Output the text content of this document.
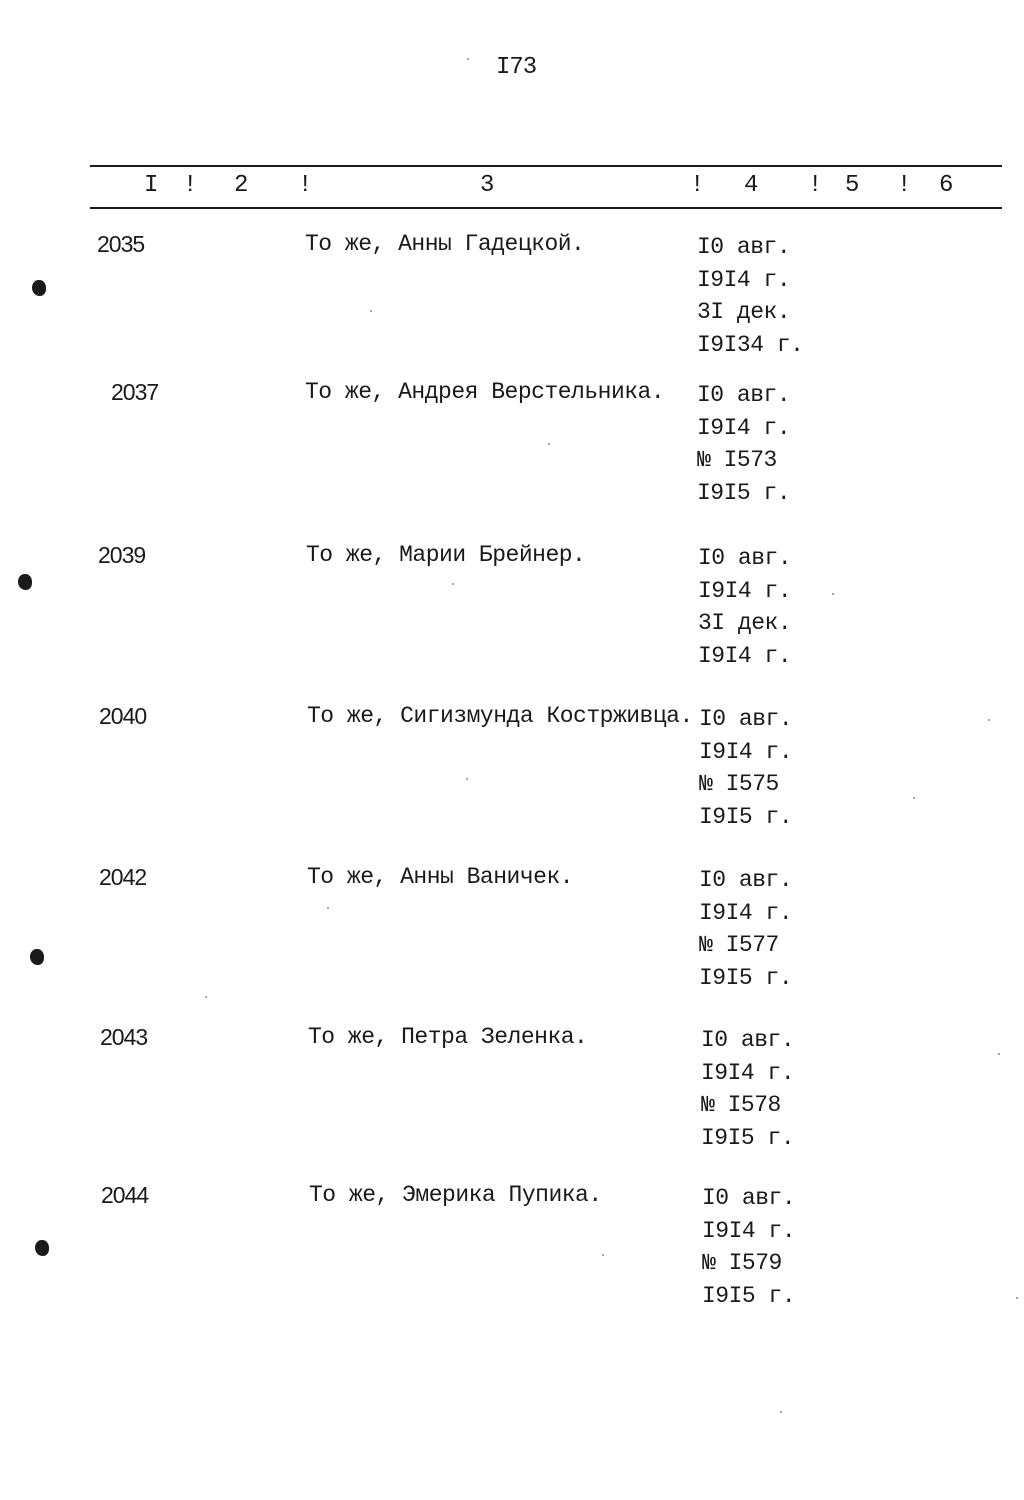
I73
I ! 2 !	3	! 4 ! 5 ! 6
2035	То же, Анны Гадецкой.	I0 авг.
I9I4 г.
3I дек.
I9I34 г.
2037	То же, Андрея Верстельника. I0 авг.
I9I4 г.
№ I573
I9I5 г.
2039	То же, Марии Брейнер.	I0 авг.
I9I4 г.
3I дек.
I9I4 г.
2040	То же, Сигизмунда Кострживца. I0 авг.
I9I4 г.
№ I575
I9I5 г.
2042	То же, Анны Ваничек.	I0 авг.
I9I4 г.
№ I577
I9I5 г.
2043	То же, Петра Зеленка.	I0 авг.
I9I4 г.
№ I578
I9I5 г.
2044	То же, Эмерика Пупика.	I0 авг.
I9I4 г.
№ I579
I9I5 г.
